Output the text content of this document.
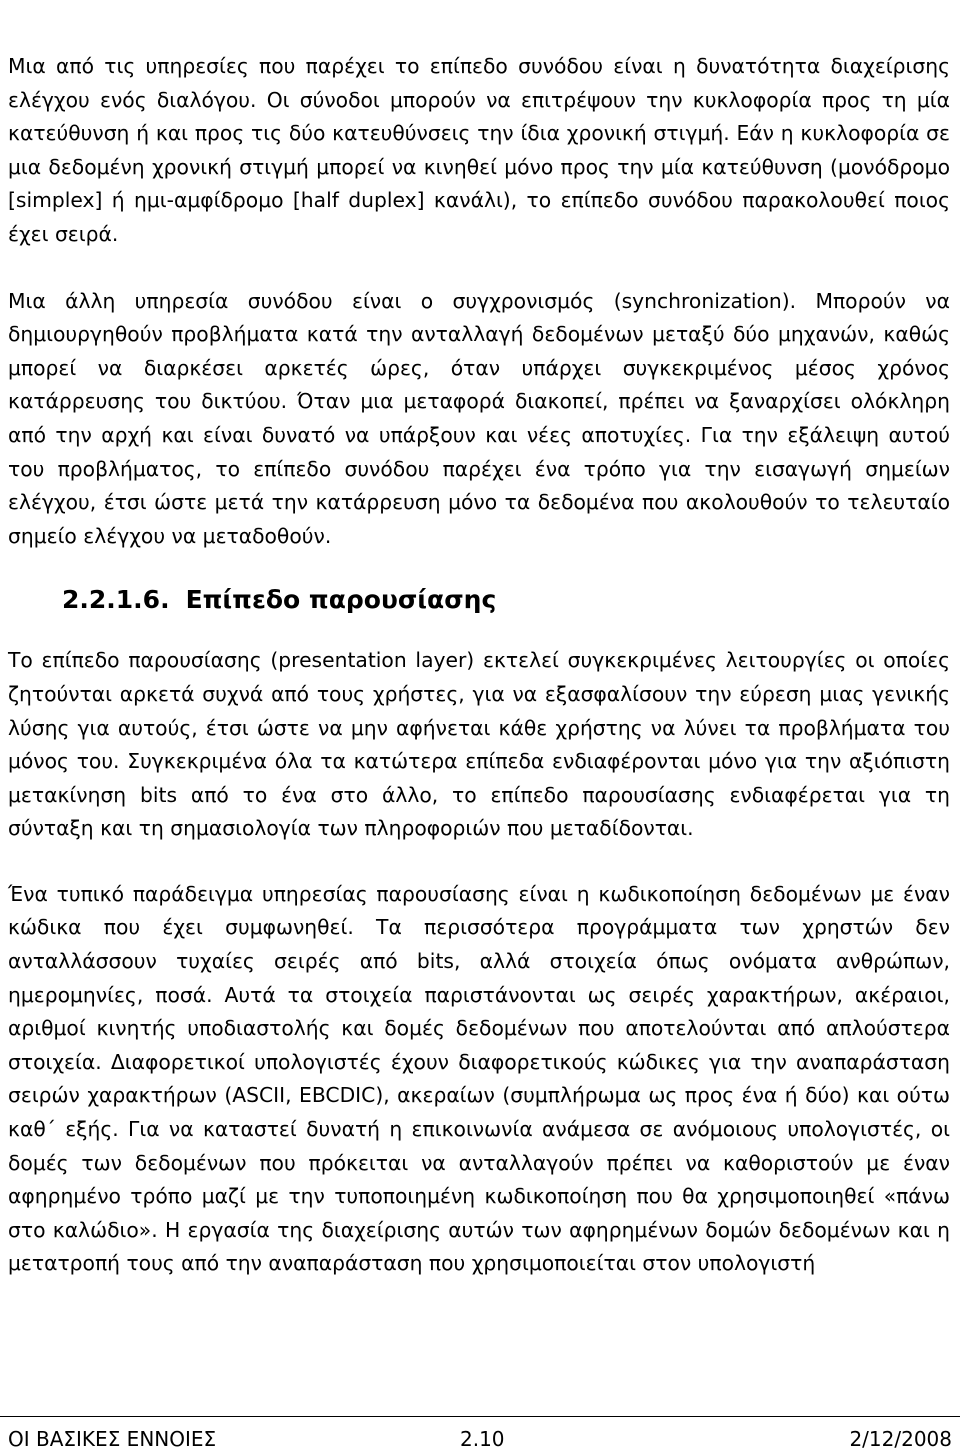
Μια από τις υπηρεσίες που παρέχει το επίπεδο συνόδου είναι η δυνατότητα διαχείρισης ελέγχου ενός διαλόγου. Οι σύνοδοι μπορούν να επιτρέψουν την κυκλοφορία προς τη μία κατεύθυνση ή και προς τις δύο κατευθύνσεις την ίδια χρονική στιγμή. Εάν η κυκλοφορία σε μια δεδομένη χρονική στιγμή μπορεί να κινηθεί μόνο προς την μία κατεύθυνση (μονόδρομο [simplex] ή ημι-αμφίδρομο [half duplex] κανάλι), το επίπεδο συνόδου παρακολουθεί ποιος έχει σειρά.

Μια άλλη υπηρεσία συνόδου είναι ο συγχρονισμός (synchronization). Μπορούν να δημιουργηθούν προβλήματα κατά την ανταλλαγή δεδομένων μεταξύ δύο μηχανών, καθώς μπορεί να διαρκέσει αρκετές ώρες, όταν υπάρχει συγκεκριμένος μέσος χρόνος κατάρρευσης του δικτύου. Όταν μια μεταφορά διακοπεί, πρέπει να ξαναρχίσει ολόκληρη από την αρχή και είναι δυνατό να υπάρξουν και νέες αποτυχίες. Για την εξάλειψη αυτού του προβλήματος, το επίπεδο συνόδου παρέχει ένα τρόπο για την εισαγωγή σημείων ελέγχου, έτσι ώστε μετά την κατάρρευση μόνο τα δεδομένα που ακολουθούν το τελευταίο σημείο ελέγχου να μεταδοθούν.

2.2.1.6. Επίπεδο παρουσίασης

Το επίπεδο παρουσίασης (presentation layer) εκτελεί συγκεκριμένες λειτουργίες οι οποίες ζητούνται αρκετά συχνά από τους χρήστες, για να εξασφαλίσουν την εύρεση μιας γενικής λύσης για αυτούς, έτσι ώστε να μην αφήνεται κάθε χρήστης να λύνει τα προβλήματα του μόνος του. Συγκεκριμένα όλα τα κατώτερα επίπεδα ενδιαφέρονται μόνο για την αξιόπιστη μετακίνηση bits από το ένα στο άλλο, το επίπεδο παρουσίασης ενδιαφέρεται για τη σύνταξη και τη σημασιολογία των πληροφοριών που μεταδίδονται.

Ένα τυπικό παράδειγμα υπηρεσίας παρουσίασης είναι η κωδικοποίηση δεδομένων με έναν κώδικα που έχει συμφωνηθεί. Τα περισσότερα προγράμματα των χρηστών δεν ανταλλάσσουν τυχαίες σειρές από bits, αλλά στοιχεία όπως ονόματα ανθρώπων, ημερομηνίες, ποσά. Αυτά τα στοιχεία παριστάνονται ως σειρές χαρακτήρων, ακέραιοι, αριθμοί κινητής υποδιαστολής και δομές δεδομένων που αποτελούνται από απλούστερα στοιχεία. Διαφορετικοί υπολογιστές έχουν διαφορετικούς κώδικες για την αναπαράσταση σειρών χαρακτήρων (ASCII, EBCDIC), ακεραίων (συμπλήρωμα ως προς ένα ή δύο) και ούτω καθ΄ εξής. Για να καταστεί δυνατή η επικοινωνία ανάμεσα σε ανόμοιους υπολογιστές, οι δομές των δεδομένων που πρόκειται να ανταλλαγούν πρέπει να καθοριστούν με έναν αφηρημένο τρόπο μαζί με την τυποποιημένη κωδικοποίηση που θα χρησιμοποιηθεί «πάνω στο καλώδιο». Η εργασία της διαχείρισης αυτών των αφηρημένων δομών δεδομένων και η μετατροπή τους από την αναπαράσταση που χρησιμοποιείται στον υπολογιστή

ΟΙ ΒΑΣΙΚΕΣ ΕΝΝΟΙΕΣ	2.10	2/12/2008
